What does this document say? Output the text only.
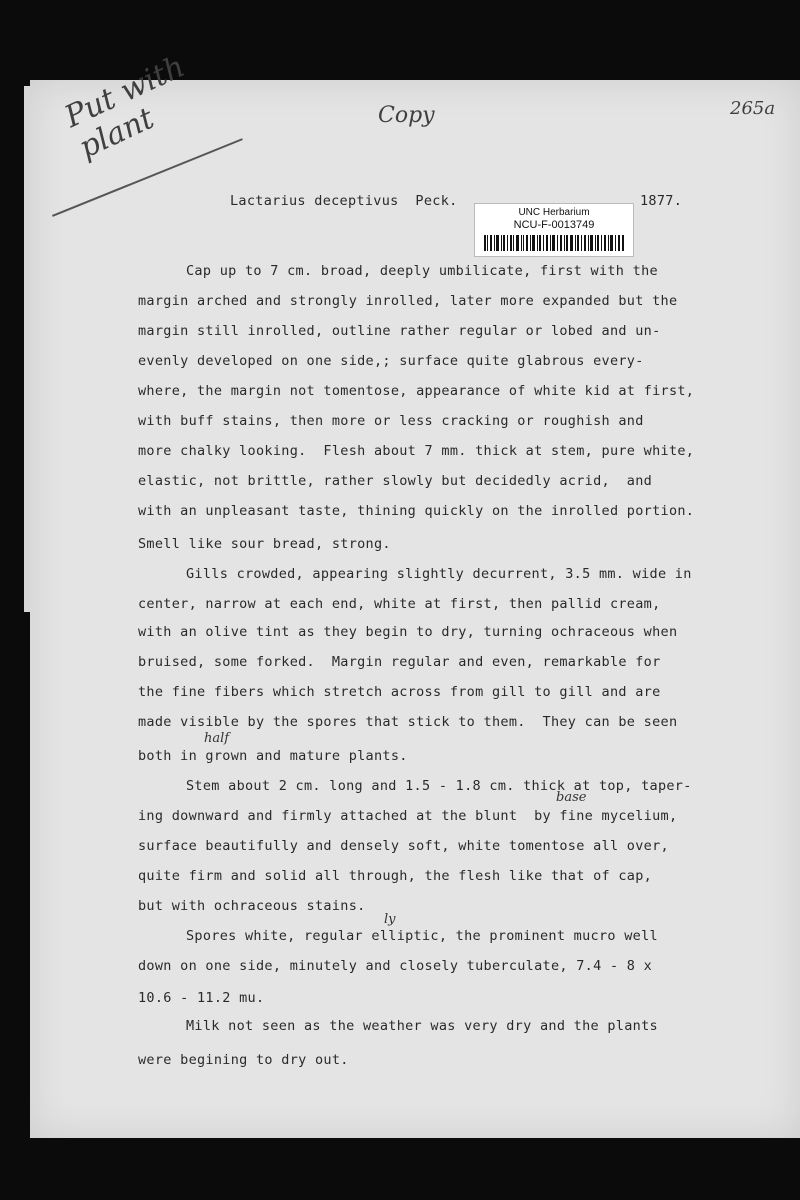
Put with plant	Copy	265a
Lactarius deceptivus  Peck.	1877.
UNC Herbarium
NCU-F-0013749
Cap up to 7 cm. broad, deeply umbilicate, first with the
margin arched and strongly inrolled, later more expanded but the
margin still inrolled, outline rather regular or lobed and un-
evenly developed on one side,; surface quite glabrous every-
where, the margin not tomentose, appearance of white kid at first,
with buff stains, then more or less cracking or roughish and
more chalky looking.  Flesh about 7 mm. thick at stem, pure white,
elastic, not brittle, rather slowly but decidedly acrid,  and
with an unpleasant taste, thining quickly on the inrolled portion.
Smell like sour bread, strong.
Gills crowded, appearing slightly decurrent, 3.5 mm. wide in
center, narrow at each end, white at first, then pallid cream,
with an olive tint as they begin to dry, turning ochraceous when
bruised, some forked.  Margin regular and even, remarkable for
the fine fibers which stretch across from gill to gill and are
made visible by the spores that stick to them.  They can be seen
half
both in grown and mature plants.
Stem about 2 cm. long and 1.5 - 1.8 cm. thick at top, taper-
base
ing downward and firmly attached at the blunt  by fine mycelium,
surface beautifully and densely soft, white tomentose all over,
quite firm and solid all through, the flesh like that of cap,
but with ochraceous stains.
ly
Spores white, regular elliptic, the prominent mucro well
down on one side, minutely and closely tuberculate, 7.4 - 8 x
10.6 - 11.2 mu.
Milk not seen as the weather was very dry and the plants
were begining to dry out.
